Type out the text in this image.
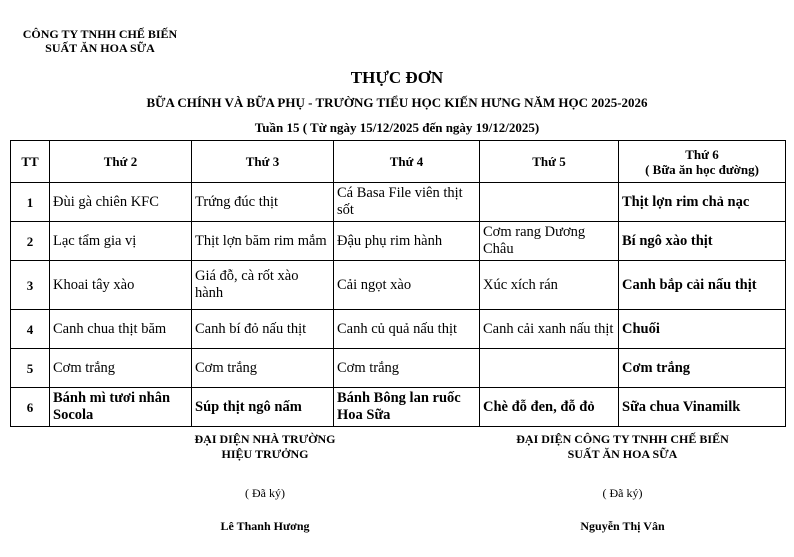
CÔNG TY TNHH CHẾ BIẾN
SUẤT ĂN HOA SỮA
THỰC ĐƠN
BỮA CHÍNH VÀ BỮA PHỤ - TRƯỜNG TIỂU HỌC KIẾN HƯNG NĂM HỌC 2025-2026
Tuần 15 ( Từ ngày 15/12/2025 đến ngày 19/12/2025)
TT	Thứ 2	Thứ 3	Thứ 4	Thứ 5	Thứ 6
( Bữa ăn học đường)

1	Đùi gà chiên KFC	Trứng đúc thịt	Cá Basa File viên thịt sốt		Thịt lợn rim chả nạc
2	Lạc tẩm gia vị	Thịt lợn băm rim mắm	Đậu phụ rim hành	Cơm rang Dương Châu	Bí ngô xào thịt
3	Khoai tây xào	Giá đỗ, cà rốt xào hành	Cải ngọt xào	Xúc xích rán	Canh bắp cải nấu thịt
4	Canh chua thịt băm	Canh bí đỏ nấu thịt	Canh củ quả nấu thịt	Canh cải xanh nấu thịt	Chuối
5	Cơm trắng	Cơm trắng	Cơm trắng		Cơm trắng
6	Bánh mì tươi nhân Socola	Súp thịt ngô nấm	Bánh Bông lan ruốc Hoa Sữa	Chè đỗ đen, đỗ đỏ	Sữa chua Vinamilk
ĐẠI DIỆN NHÀ TRƯỜNG
HIỆU TRƯỞNG
( Đã ký)
Lê Thanh Hương
ĐẠI DIỆN CÔNG TY TNHH CHẾ BIẾN
SUẤT ĂN HOA SỮA
( Đã ký)
Nguyễn Thị Vân
